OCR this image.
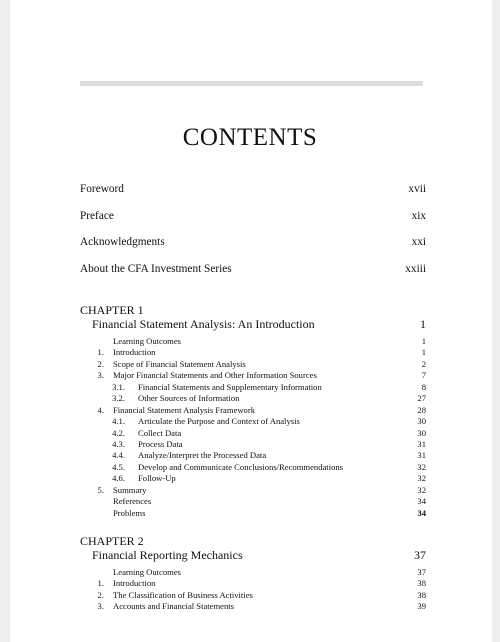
CONTENTS
Foreword	xvii
Preface	xix
Acknowledgments	xxi
About the CFA Investment Series	xxiii
CHAPTER 1
Financial Statement Analysis: An Introduction	1
Learning Outcomes	1
1. Introduction	1
2. Scope of Financial Statement Analysis	2
3. Major Financial Statements and Other Information Sources	7
3.1. Financial Statements and Supplementary Information	8
3.2. Other Sources of Information	27
4. Financial Statement Analysis Framework	28
4.1. Articulate the Purpose and Context of Analysis	30
4.2. Collect Data	30
4.3. Process Data	31
4.4. Analyze/Interpret the Processed Data	31
4.5. Develop and Communicate Conclusions/Recommendations	32
4.6. Follow-Up	32
5. Summary	32
References	34
Problems	34
CHAPTER 2
Financial Reporting Mechanics	37
Learning Outcomes	37
1. Introduction	38
2. The Classification of Business Activities	38
3. Accounts and Financial Statements	39
